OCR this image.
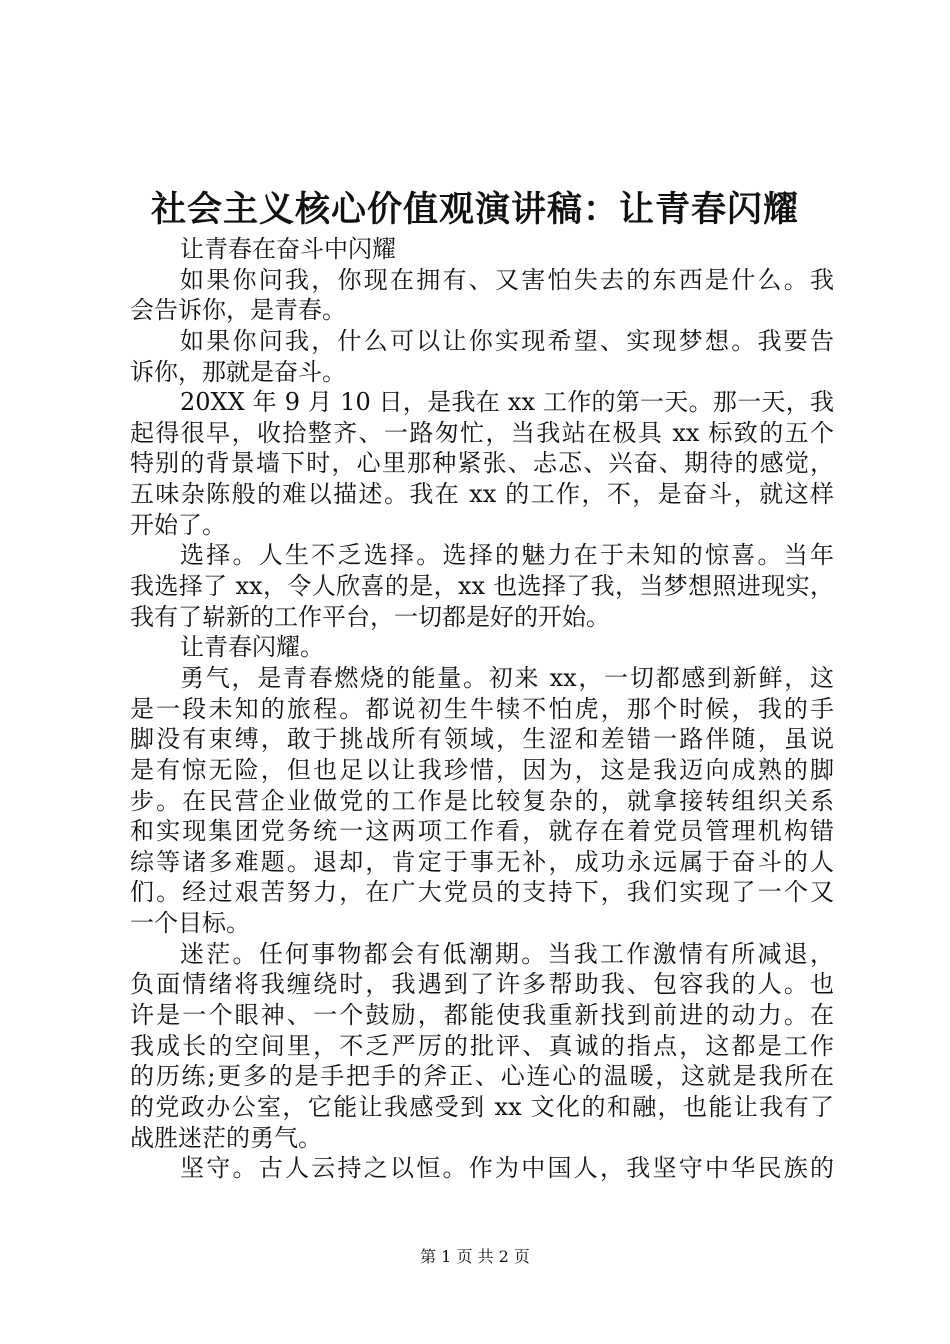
社会主义核心价值观演讲稿：让青春闪耀
让青春在奋斗中闪耀
如果你问我，你现在拥有、又害怕失去的东西是什么。我
会告诉你，是青春。
如果你问我，什么可以让你实现希望、实现梦想。我要告
诉你，那就是奋斗。
20XX 年 9 月 10 日，是我在 xx 工作的第一天。那一天，我
起得很早，收拾整齐、一路匆忙，当我站在极具 xx 标致的五个
特别的背景墙下时，心里那种紧张、忐忑、兴奋、期待的感觉，
五味杂陈般的难以描述。我在 xx 的工作，不，是奋斗，就这样
开始了。
选择。人生不乏选择。选择的魅力在于未知的惊喜。当年
我选择了 xx，令人欣喜的是，xx 也选择了我，当梦想照进现实，
我有了崭新的工作平台，一切都是好的开始。
让青春闪耀。
勇气，是青春燃烧的能量。初来 xx，一切都感到新鲜，这
是一段未知的旅程。都说初生牛犊不怕虎，那个时候，我的手
脚没有束缚，敢于挑战所有领域，生涩和差错一路伴随，虽说
是有惊无险，但也足以让我珍惜，因为，这是我迈向成熟的脚
步。在民营企业做党的工作是比较复杂的，就拿接转组织关系
和实现集团党务统一这两项工作看，就存在着党员管理机构错
综等诸多难题。退却，肯定于事无补，成功永远属于奋斗的人
们。经过艰苦努力，在广大党员的支持下，我们实现了一个又
一个目标。
迷茫。任何事物都会有低潮期。当我工作激情有所减退，
负面情绪将我缠绕时，我遇到了许多帮助我、包容我的人。也
许是一个眼神、一个鼓励，都能使我重新找到前进的动力。在
我成长的空间里，不乏严厉的批评、真诚的指点，这都是工作
的历练;更多的是手把手的斧正、心连心的温暖，这就是我所在
的党政办公室，它能让我感受到 xx 文化的和融，也能让我有了
战胜迷茫的勇气。
坚守。古人云持之以恒。作为中国人，我坚守中华民族的
第 1 页 共 2 页
